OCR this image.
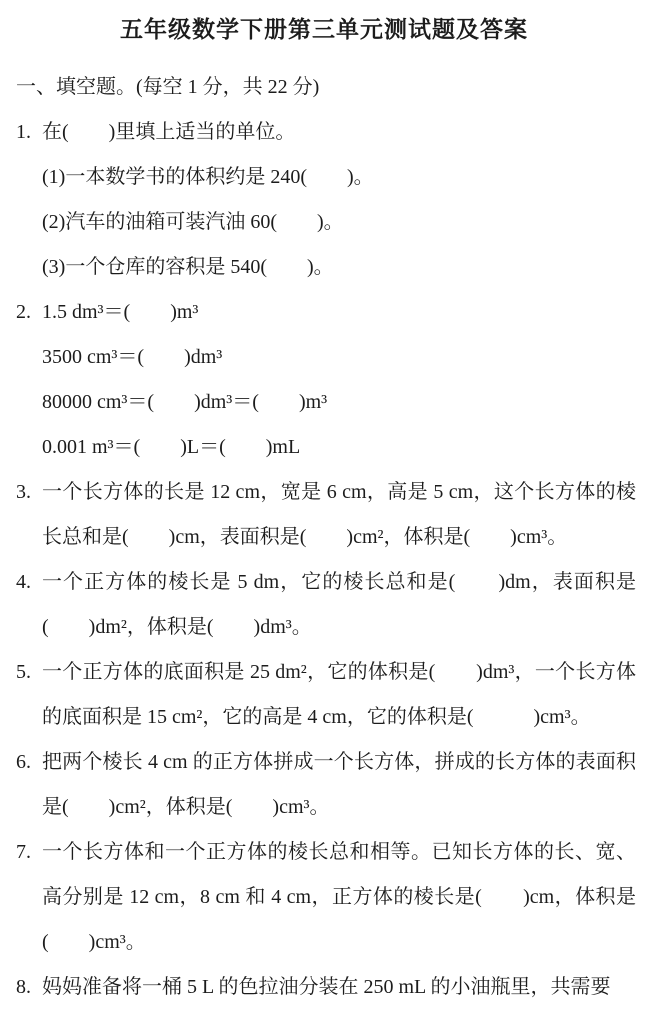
五年级数学下册第三单元测试题及答案

一、填空题。(每空 1 分，共 22 分)

1. 在(　　)里填上适当的单位。

(1)一本数学书的体积约是 240(　　)。

(2)汽车的油箱可装汽油 60(　　)。

(3)一个仓库的容积是 540(　　)。

2. 1.5 dm³＝(　　)m³

3500 cm³＝(　　)dm³

80000 cm³＝(　　)dm³＝(　　)m³

0.001 m³＝(　　)L＝(　　)mL

3. 一个长方体的长是 12 cm，宽是 6 cm，高是 5 cm，这个长方体的棱长总和是(　　)cm，表面积是(　　)cm²，体积是(　　)cm³。

4. 一个正方体的棱长是 5 dm，它的棱长总和是(　　)dm，表面积是(　　)dm²，体积是(　　)dm³。

5. 一个正方体的底面积是 25 dm²，它的体积是(　　)dm³，一个长方体的底面积是 15 cm²，它的高是 4 cm，它的体积是(　　　)cm³。

6. 把两个棱长 4 cm 的正方体拼成一个长方体，拼成的长方体的表面积是(　　)cm²，体积是(　　)cm³。

7. 一个长方体和一个正方体的棱长总和相等。已知长方体的长、宽、高分别是 12 cm，8 cm 和 4 cm，正方体的棱长是(　　)cm，体积是(　　)cm³。

8. 妈妈准备将一桶 5 L 的色拉油分装在 250 mL 的小油瓶里，共需要
